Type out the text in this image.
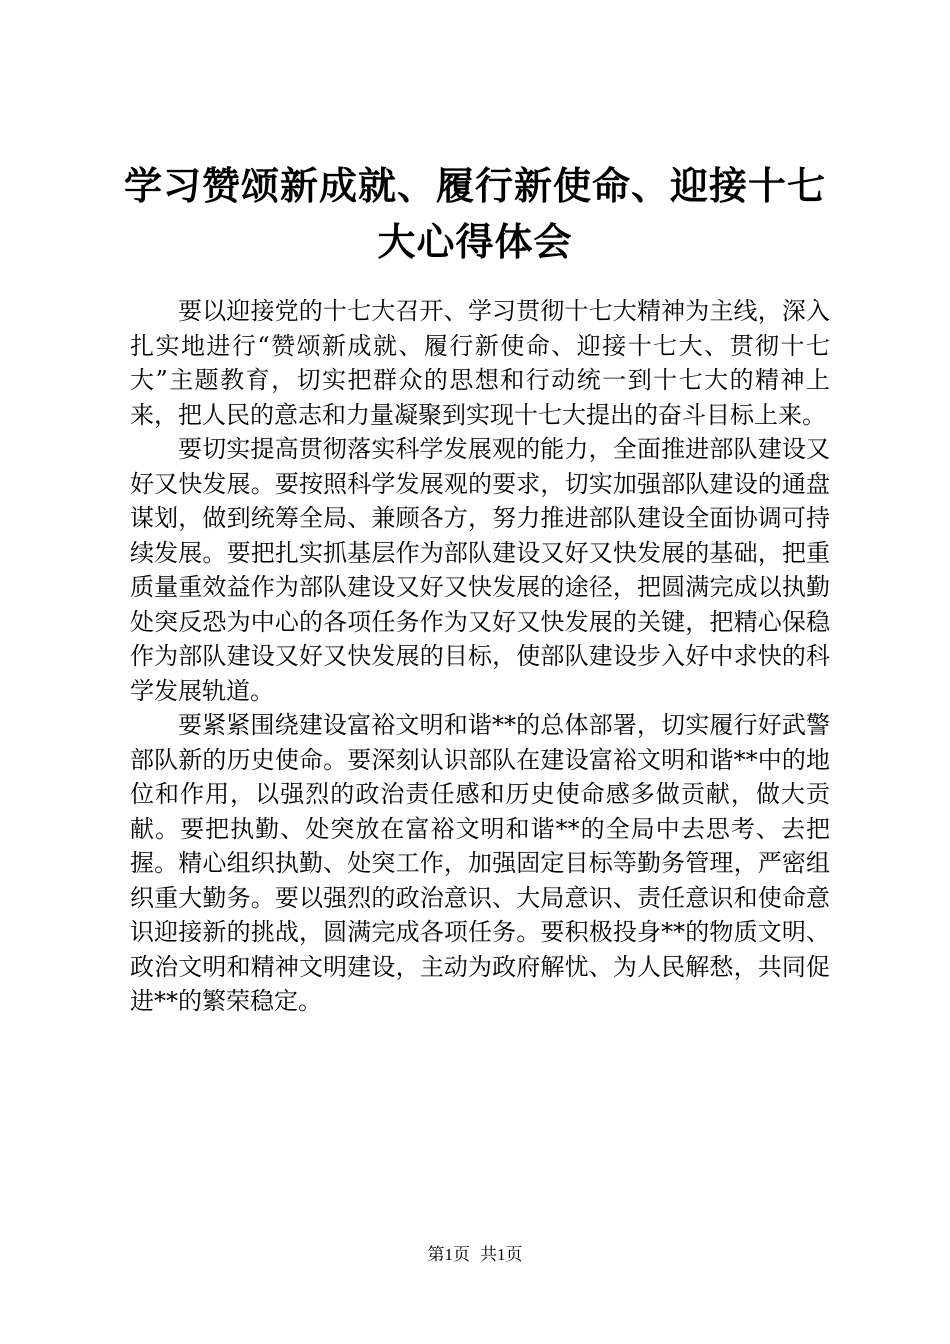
学习赞颂新成就、履行新使命、迎接十七大心得体会

要以迎接党的十七大召开、学习贯彻十七大精神为主线，深入扎实地进行“赞颂新成就、履行新使命、迎接十七大、贯彻十七大”主题教育，切实把群众的思想和行动统一到十七大的精神上来，把人民的意志和力量凝聚到实现十七大提出的奋斗目标上来。

要切实提高贯彻落实科学发展观的能力，全面推进部队建设又好又快发展。要按照科学发展观的要求，切实加强部队建设的通盘谋划，做到统筹全局、兼顾各方，努力推进部队建设全面协调可持续发展。要把扎实抓基层作为部队建设又好又快发展的基础，把重质量重效益作为部队建设又好又快发展的途径，把圆满完成以执勤处突反恐为中心的各项任务作为又好又快发展的关键，把精心保稳作为部队建设又好又快发展的目标，使部队建设步入好中求快的科学发展轨道。

要紧紧围绕建设富裕文明和谐**的总体部署，切实履行好武警部队新的历史使命。要深刻认识部队在建设富裕文明和谐**中的地位和作用，以强烈的政治责任感和历史使命感多做贡献，做大贡献。要把执勤、处突放在富裕文明和谐**的全局中去思考、去把握。精心组织执勤、处突工作，加强固定目标等勤务管理，严密组织重大勤务。要以强烈的政治意识、大局意识、责任意识和使命意识迎接新的挑战，圆满完成各项任务。要积极投身**的物质文明、政治文明和精神文明建设，主动为政府解忧、为人民解愁，共同促进**的繁荣稳定。

第1页 共1页
